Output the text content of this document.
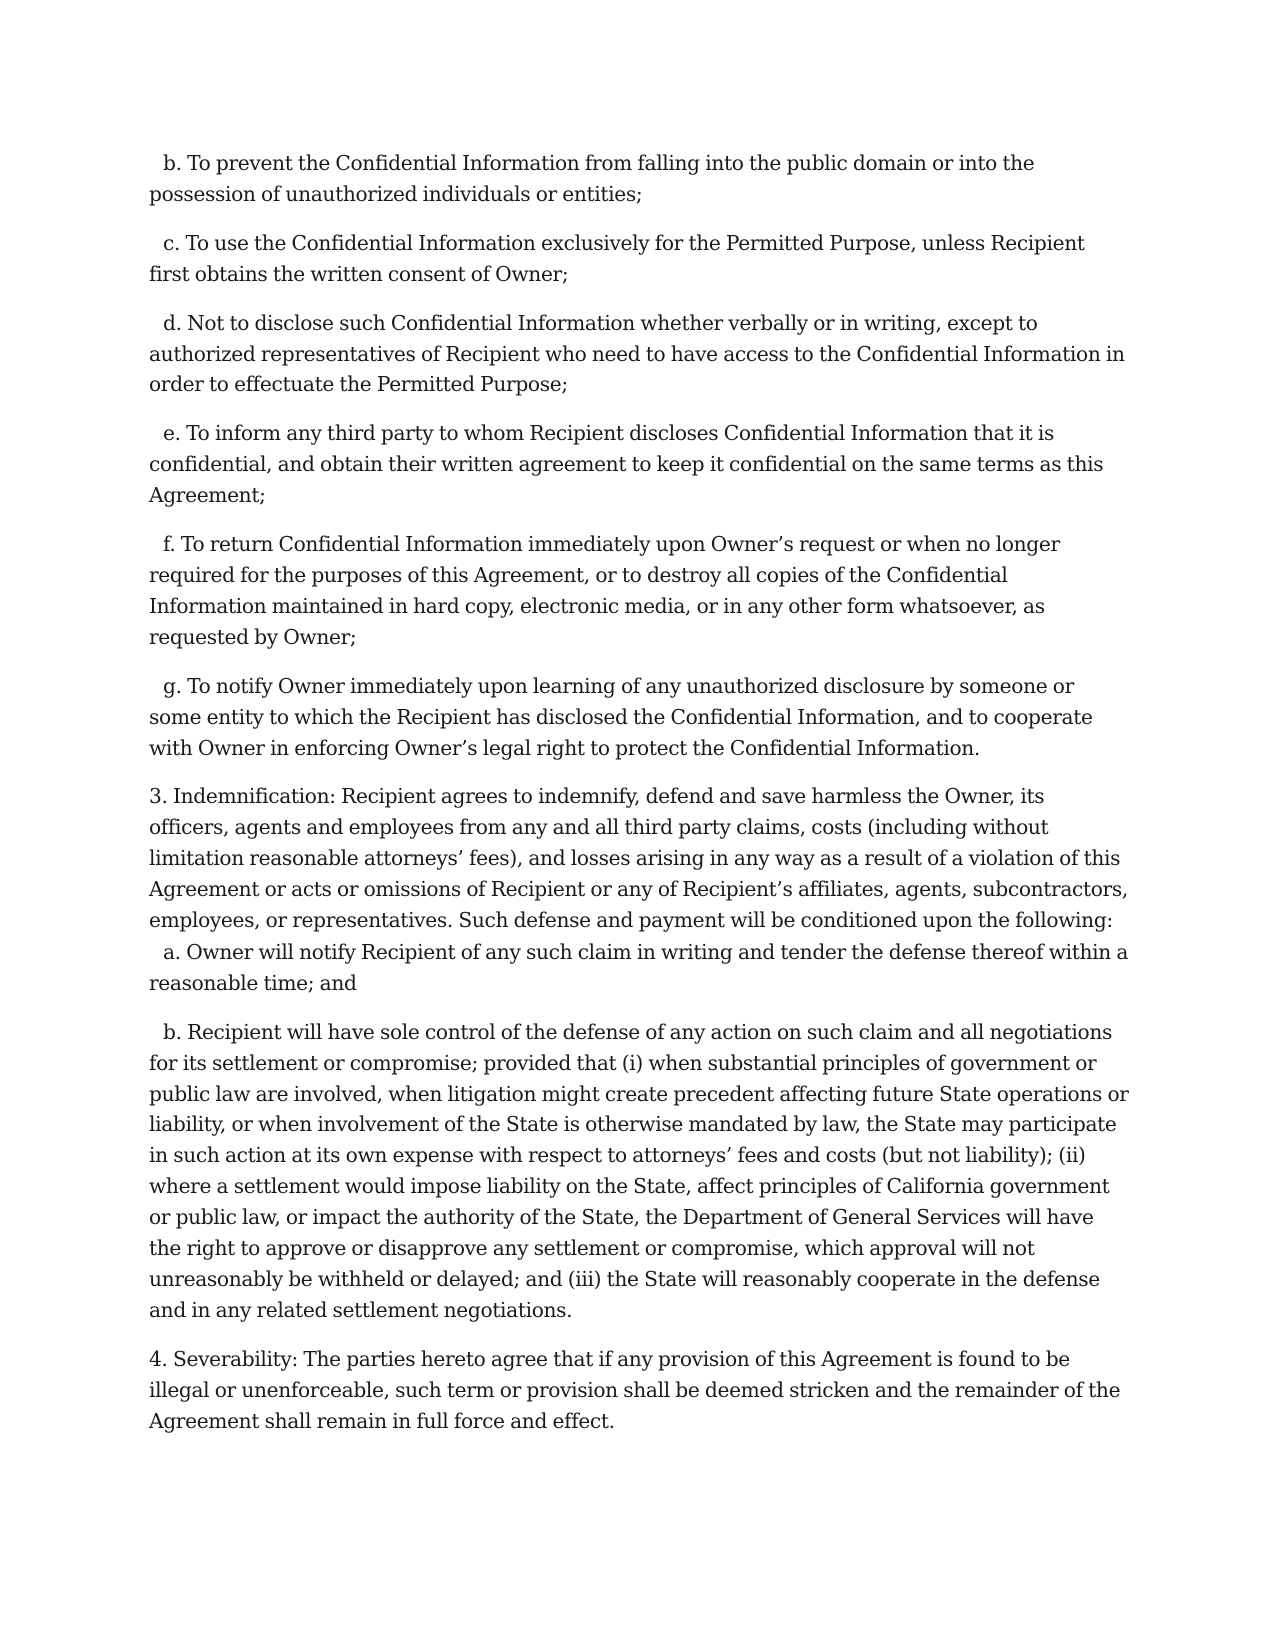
b. To prevent the Confidential Information from falling into the public domain or into the possession of unauthorized individuals or entities;

c. To use the Confidential Information exclusively for the Permitted Purpose, unless Recipient first obtains the written consent of Owner;

d. Not to disclose such Confidential Information whether verbally or in writing, except to authorized representatives of Recipient who need to have access to the Confidential Information in order to effectuate the Permitted Purpose;

e. To inform any third party to whom Recipient discloses Confidential Information that it is confidential, and obtain their written agreement to keep it confidential on the same terms as this Agreement;

f. To return Confidential Information immediately upon Owner’s request or when no longer required for the purposes of this Agreement, or to destroy all copies of the Confidential Information maintained in hard copy, electronic media, or in any other form whatsoever, as requested by Owner;

g. To notify Owner immediately upon learning of any unauthorized disclosure by someone or some entity to which the Recipient has disclosed the Confidential Information, and to cooperate with Owner in enforcing Owner’s legal right to protect the Confidential Information.

3. Indemnification: Recipient agrees to indemnify, defend and save harmless the Owner, its officers, agents and employees from any and all third party claims, costs (including without limitation reasonable attorneys’ fees), and losses arising in any way as a result of a violation of this Agreement or acts or omissions of Recipient or any of Recipient’s affiliates, agents, subcontractors, employees, or representatives. Such defense and payment will be conditioned upon the following:

a. Owner will notify Recipient of any such claim in writing and tender the defense thereof within a reasonable time; and

b. Recipient will have sole control of the defense of any action on such claim and all negotiations for its settlement or compromise; provided that (i) when substantial principles of government or public law are involved, when litigation might create precedent affecting future State operations or liability, or when involvement of the State is otherwise mandated by law, the State may participate in such action at its own expense with respect to attorneys’ fees and costs (but not liability); (ii) where a settlement would impose liability on the State, affect principles of California government or public law, or impact the authority of the State, the Department of General Services will have the right to approve or disapprove any settlement or compromise, which approval will not unreasonably be withheld or delayed; and (iii) the State will reasonably cooperate in the defense and in any related settlement negotiations.

4. Severability: The parties hereto agree that if any provision of this Agreement is found to be illegal or unenforceable, such term or provision shall be deemed stricken and the remainder of the Agreement shall remain in full force and effect.
